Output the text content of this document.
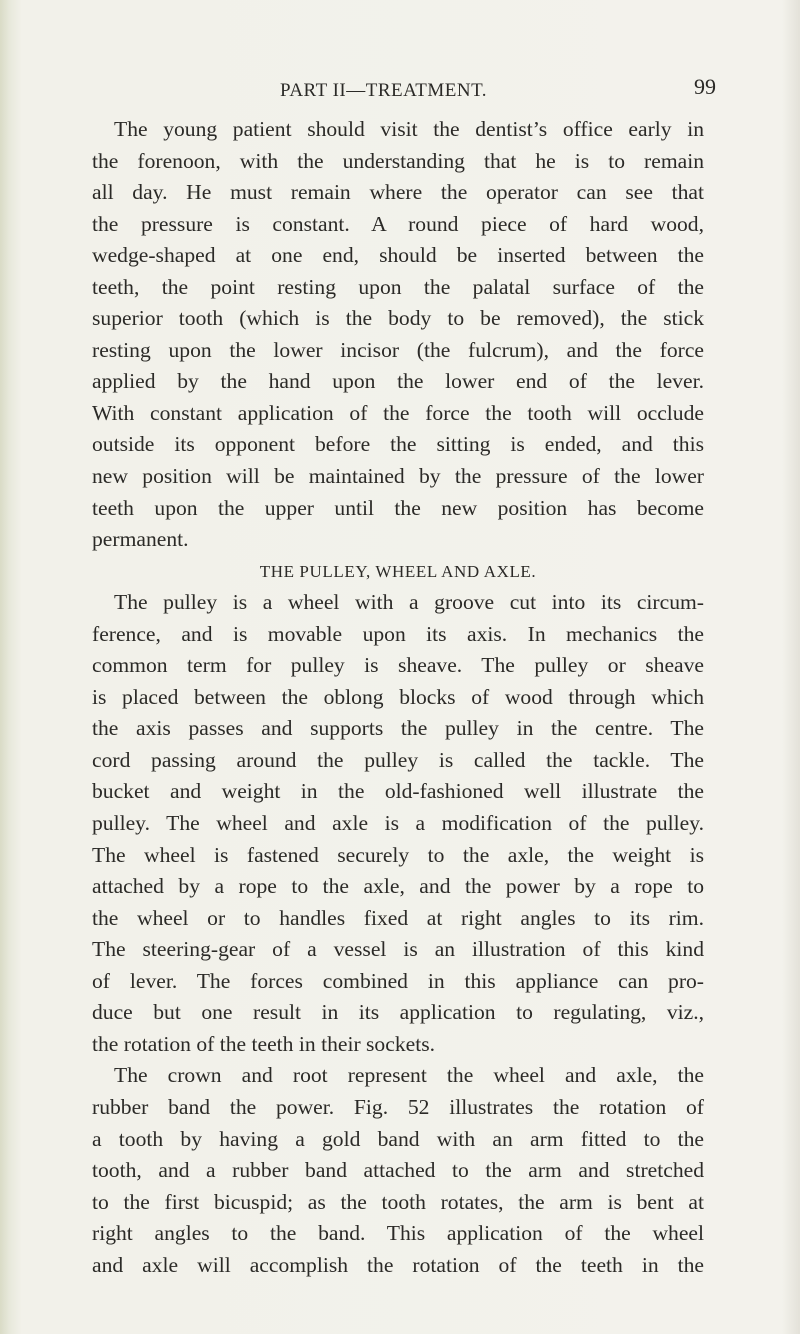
PART II—TREATMENT.	99
The young patient should visit the dentist’s office early in
the forenoon, with the understanding that he is to remain
all day. He must remain where the operator can see that
the pressure is constant. A round piece of hard wood,
wedge-shaped at one end, should be inserted between the
teeth, the point resting upon the palatal surface of the
superior tooth (which is the body to be removed), the stick
resting upon the lower incisor (the fulcrum), and the force
applied by the hand upon the lower end of the lever.
With constant application of the force the tooth will occlude
outside its opponent before the sitting is ended, and this
new position will be maintained by the pressure of the lower
teeth upon the upper until the new position has become
permanent.
THE PULLEY, WHEEL AND AXLE.
The pulley is a wheel with a groove cut into its circum-
ference, and is movable upon its axis. In mechanics the
common term for pulley is sheave. The pulley or sheave
is placed between the oblong blocks of wood through which
the axis passes and supports the pulley in the centre. The
cord passing around the pulley is called the tackle. The
bucket and weight in the old-fashioned well illustrate the
pulley. The wheel and axle is a modification of the pulley.
The wheel is fastened securely to the axle, the weight is
attached by a rope to the axle, and the power by a rope to
the wheel or to handles fixed at right angles to its rim.
The steering-gear of a vessel is an illustration of this kind
of lever. The forces combined in this appliance can pro-
duce but one result in its application to regulating, viz.,
the rotation of the teeth in their sockets.
The crown and root represent the wheel and axle, the
rubber band the power. Fig. 52 illustrates the rotation of
a tooth by having a gold band with an arm fitted to the
tooth, and a rubber band attached to the arm and stretched
to the first bicuspid; as the tooth rotates, the arm is bent at
right angles to the band. This application of the wheel
and axle will accomplish the rotation of the teeth in the
